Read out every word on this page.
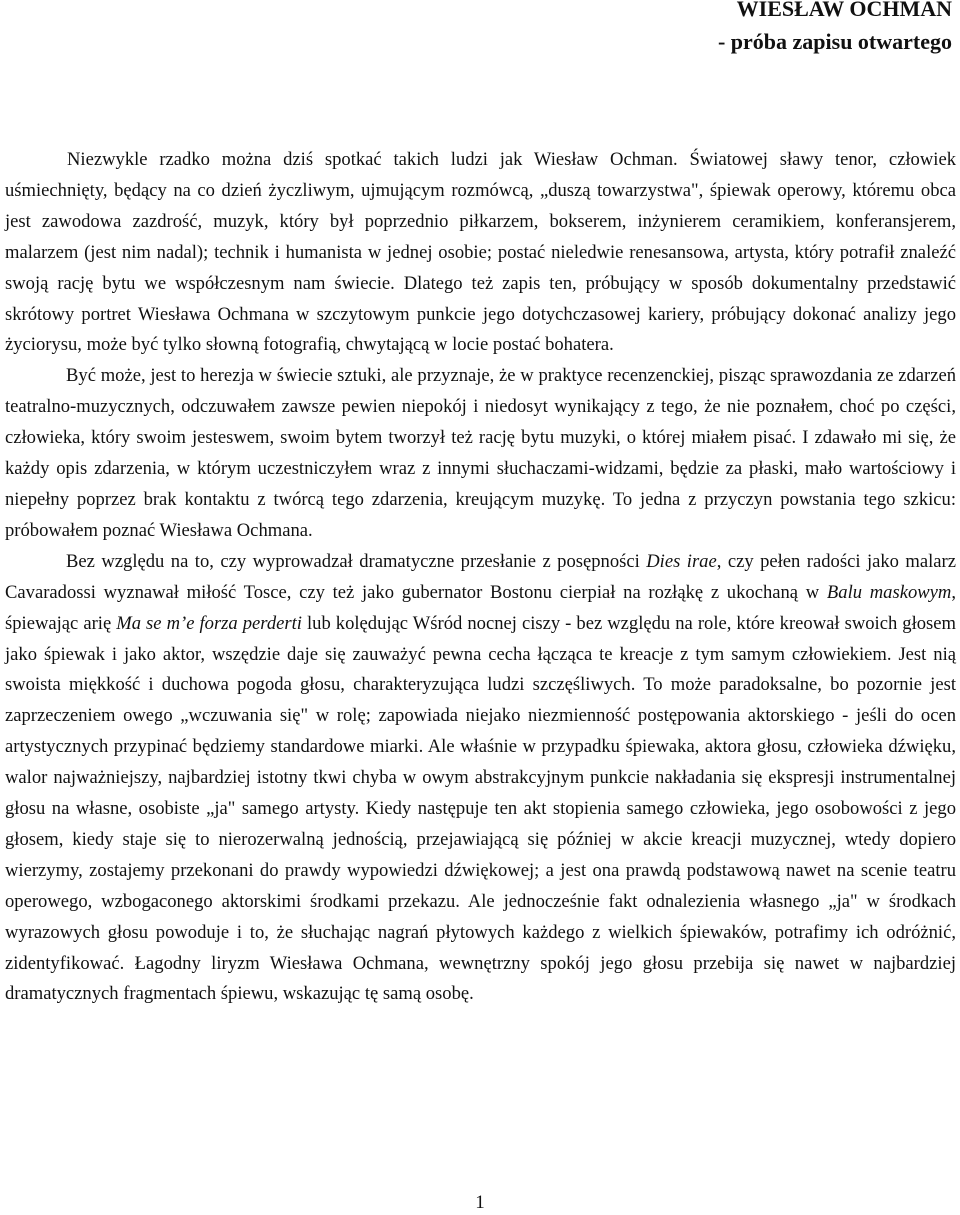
WIESŁAW OCHMAN
- próba zapisu otwartego

Niezwykle rzadko można dziś spotkać takich ludzi jak Wiesław Ochman. Światowej sławy tenor, człowiek uśmiechnięty, będący na co dzień życzliwym, ujmującym rozmówcą, „duszą towarzystwa", śpiewak operowy, któremu obca jest zawodowa zazdrość, muzyk, który był poprzednio piłkarzem, bokserem, inżynierem ceramikiem, konferansjerem, malarzem (jest nim nadal); technik i humanista w jednej osobie; postać nieledwie renesansowa, artysta, który potrafił znaleźć swoją rację bytu we współczesnym nam świecie. Dlatego też zapis ten, próbujący w sposób dokumentalny przedstawić skrótowy portret Wiesława Ochmana w szczytowym punkcie jego dotychczasowej kariery, próbujący dokonać analizy jego życiorysu, może być tylko słowną fotografią, chwytającą w locie postać bohatera.

Być może, jest to herezja w świecie sztuki, ale przyznaje, że w praktyce recenzenckiej, pisząc sprawozdania ze zdarzeń teatralno-muzycznych, odczuwałem zawsze pewien niepokój i niedosyt wynikający z tego, że nie poznałem, choć po części, człowieka, który swoim jesteswem, swoim bytem tworzył też rację bytu muzyki, o której miałem pisać. I zdawało mi się, że każdy opis zdarzenia, w którym uczestniczyłem wraz z innymi słuchaczami-widzami, będzie za płaski, mało wartościowy i niepełny poprzez brak kontaktu z twórcą tego zdarzenia, kreującym muzykę. To jedna z przyczyn powstania tego szkicu: próbowałem poznać Wiesława Ochmana.

Bez względu na to, czy wyprowadzał dramatyczne przesłanie z posępności Dies irae, czy pełen radości jako malarz Cavaradossi wyznawał miłość Tosce, czy też jako gubernator Bostonu cierpiał na rozłąkę z ukochaną w Balu maskowym, śpiewając arię Ma se m’e forza perderti lub kolędując Wśród nocnej ciszy - bez względu na role, które kreował swoich głosem jako śpiewak i jako aktor, wszędzie daje się zauważyć pewna cecha łącząca te kreacje z tym samym człowiekiem. Jest nią swoista miękkość i duchowa pogoda głosu, charakteryzująca ludzi szczęśliwych. To może paradoksalne, bo pozornie jest zaprzeczeniem owego „wczuwania się" w rolę; zapowiada niejako niezmienność postępowania aktorskiego - jeśli do ocen artystycznych przypinać będziemy standardowe miarki. Ale właśnie w przypadku śpiewaka, aktora głosu, człowieka dźwięku, walor najważniejszy, najbardziej istotny tkwi chyba w owym abstrakcyjnym punkcie nakładania się ekspresji instrumentalnej głosu na własne, osobiste „ja" samego artysty. Kiedy następuje ten akt stopienia samego człowieka, jego osobowości z jego głosem, kiedy staje się to nierozerwalną jednością, przejawiającą się później w akcie kreacji muzycznej, wtedy dopiero wierzymy, zostajemy przekonani do prawdy wypowiedzi dźwiękowej; a jest ona prawdą podstawową nawet na scenie teatru operowego, wzbogaconego aktorskimi środkami przekazu. Ale jednocześnie fakt odnalezienia własnego „ja" w środkach wyrazowych głosu powoduje i to, że słuchając nagrań płytowych każdego z wielkich śpiewaków, potrafimy ich odróżnić, zidentyfikować. Łagodny liryzm Wiesława Ochmana, wewnętrzny spokój jego głosu przebija się nawet w najbardziej dramatycznych fragmentach śpiewu, wskazując tę samą osobę.

1
